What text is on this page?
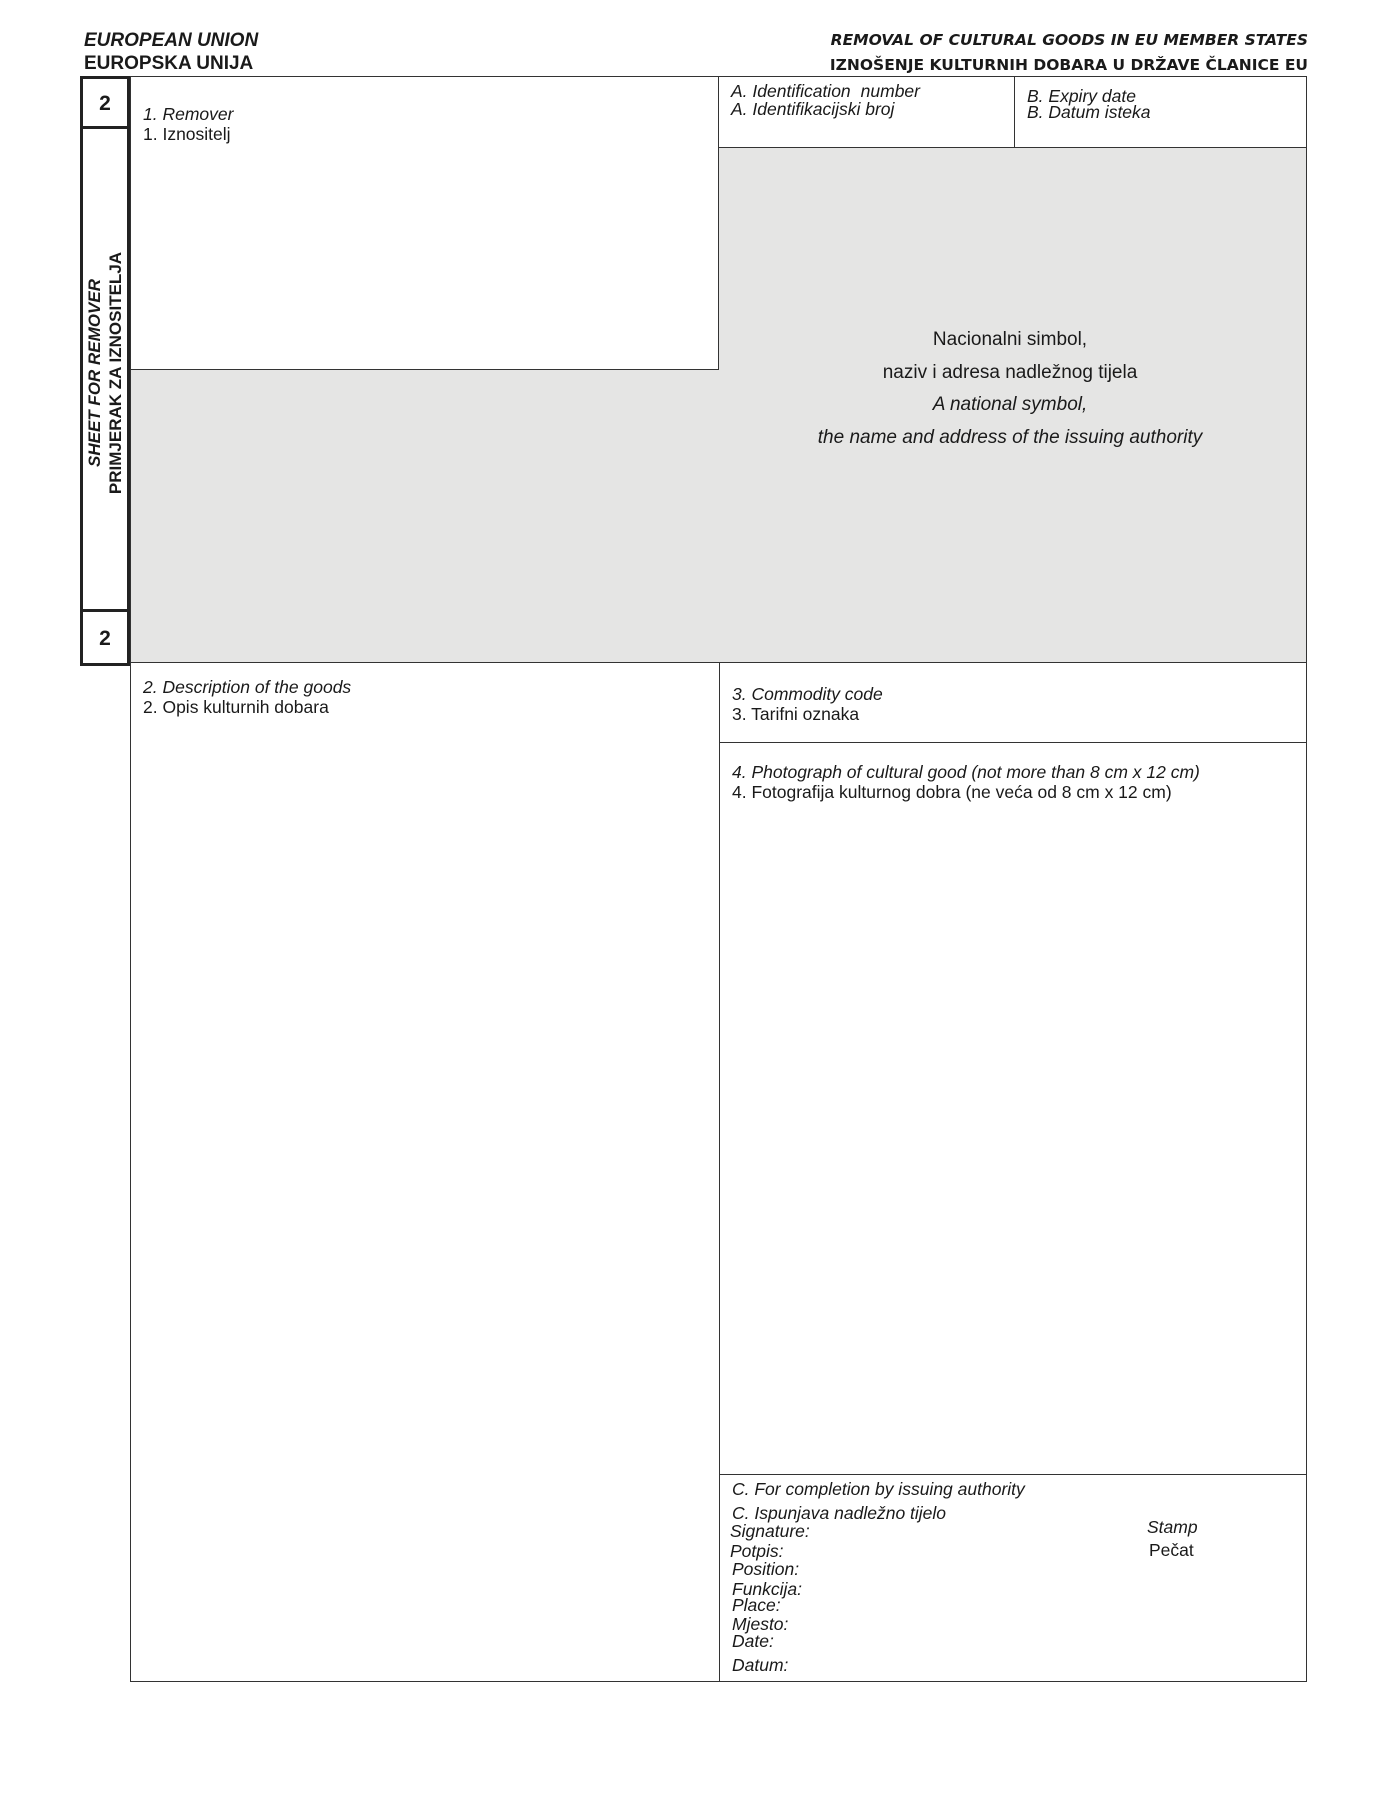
EUROPEAN UNION
EUROPSKA UNIJA
REMOVAL OF CULTURAL GOODS IN EU MEMBER STATES
IZNOŠENJE KULTURNIH DOBARA U DRŽAVE ČLANICE EU
2
SHEET FOR REMOVER PRIMJERAK ZA IZNOSITELJA
2
Nacionalni simbol,
naziv i adresa nadležnog tijela
A national symbol,
the name and address of the issuing authority
1. Remover
1. Iznositelj
A. Identification number
A. Identifikacijski broj
B. Expiry date
B. Datum isteka
2. Description of the goods
2. Opis kulturnih dobara
3. Commodity code
3. Tarifni oznaka
4. Photograph of cultural good (not more than 8 cm x 12 cm)
4. Fotografija kulturnog dobra (ne veća od 8 cm x 12 cm)
C. For completion by issuing authority
C. Ispunjava nadležno tijelo
Signature:
Potpis:
Position:
Funkcija:
Place:
Mjesto:
Date:
Datum:
Stamp
Pečat
